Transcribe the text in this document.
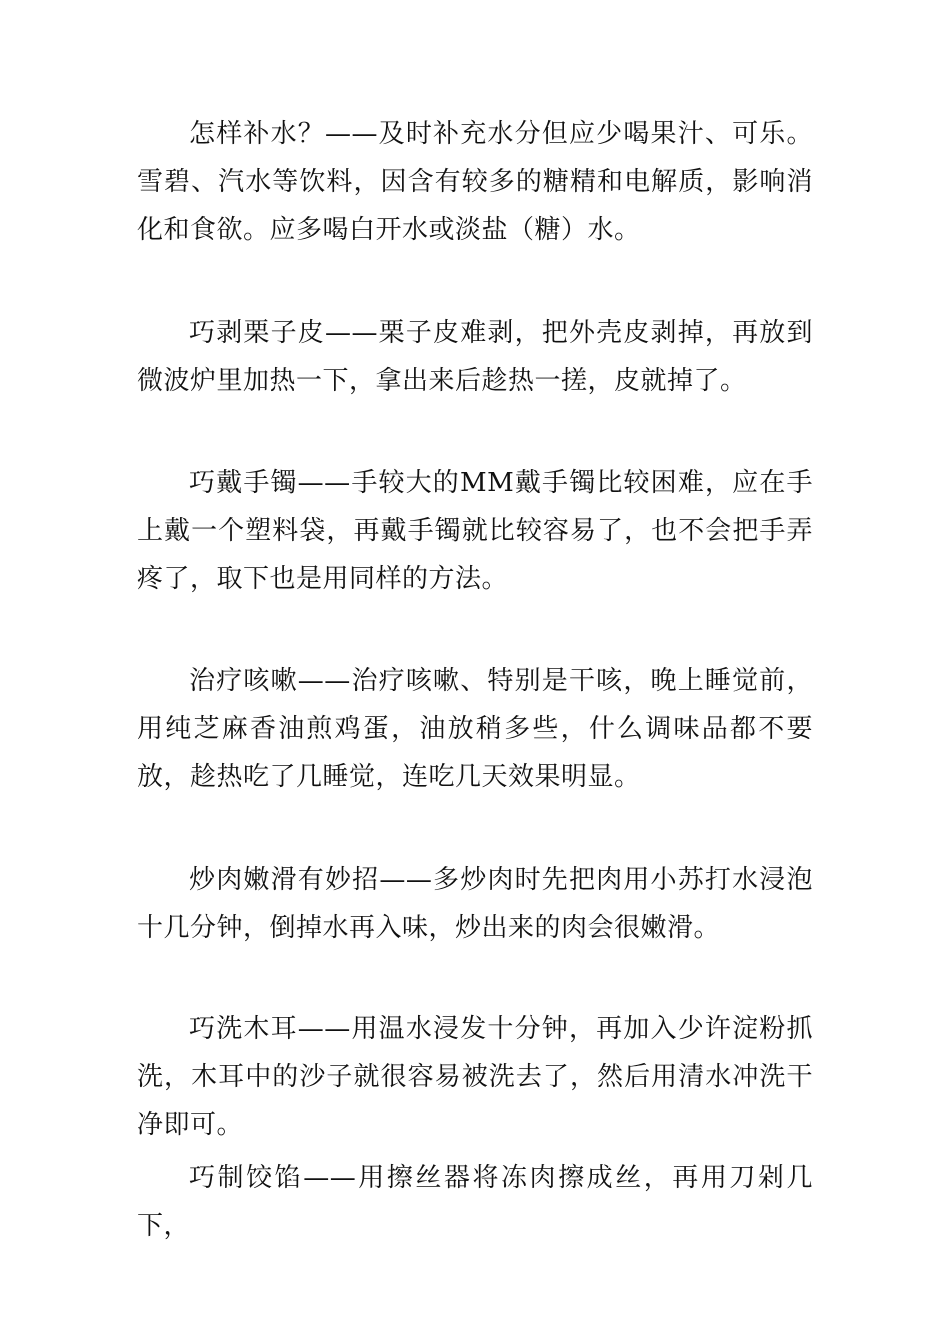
怎样补水？——及时补充水分但应少喝果汁、可乐。雪碧、汽水等饮料，因含有较多的糖精和电解质，影响消化和食欲。应多喝白开水或淡盐（糖）水。

巧剥栗子皮——栗子皮难剥，把外壳皮剥掉，再放到微波炉里加热一下，拿出来后趁热一搓，皮就掉了。

巧戴手镯——手较大的MM戴手镯比较困难，应在手上戴一个塑料袋，再戴手镯就比较容易了，也不会把手弄疼了，取下也是用同样的方法。

治疗咳嗽——治疗咳嗽、特别是干咳，晚上睡觉前，用纯芝麻香油煎鸡蛋，油放稍多些，什么调味品都不要放，趁热吃了几睡觉，连吃几天效果明显。

炒肉嫩滑有妙招——多炒肉时先把肉用小苏打水浸泡十几分钟，倒掉水再入味，炒出来的肉会很嫩滑。

巧洗木耳——用温水浸发十分钟，再加入少许淀粉抓洗，木耳中的沙子就很容易被洗去了，然后用清水冲洗干净即可。

巧制饺馅——用擦丝器将冻肉擦成丝，再用刀剁几下，
